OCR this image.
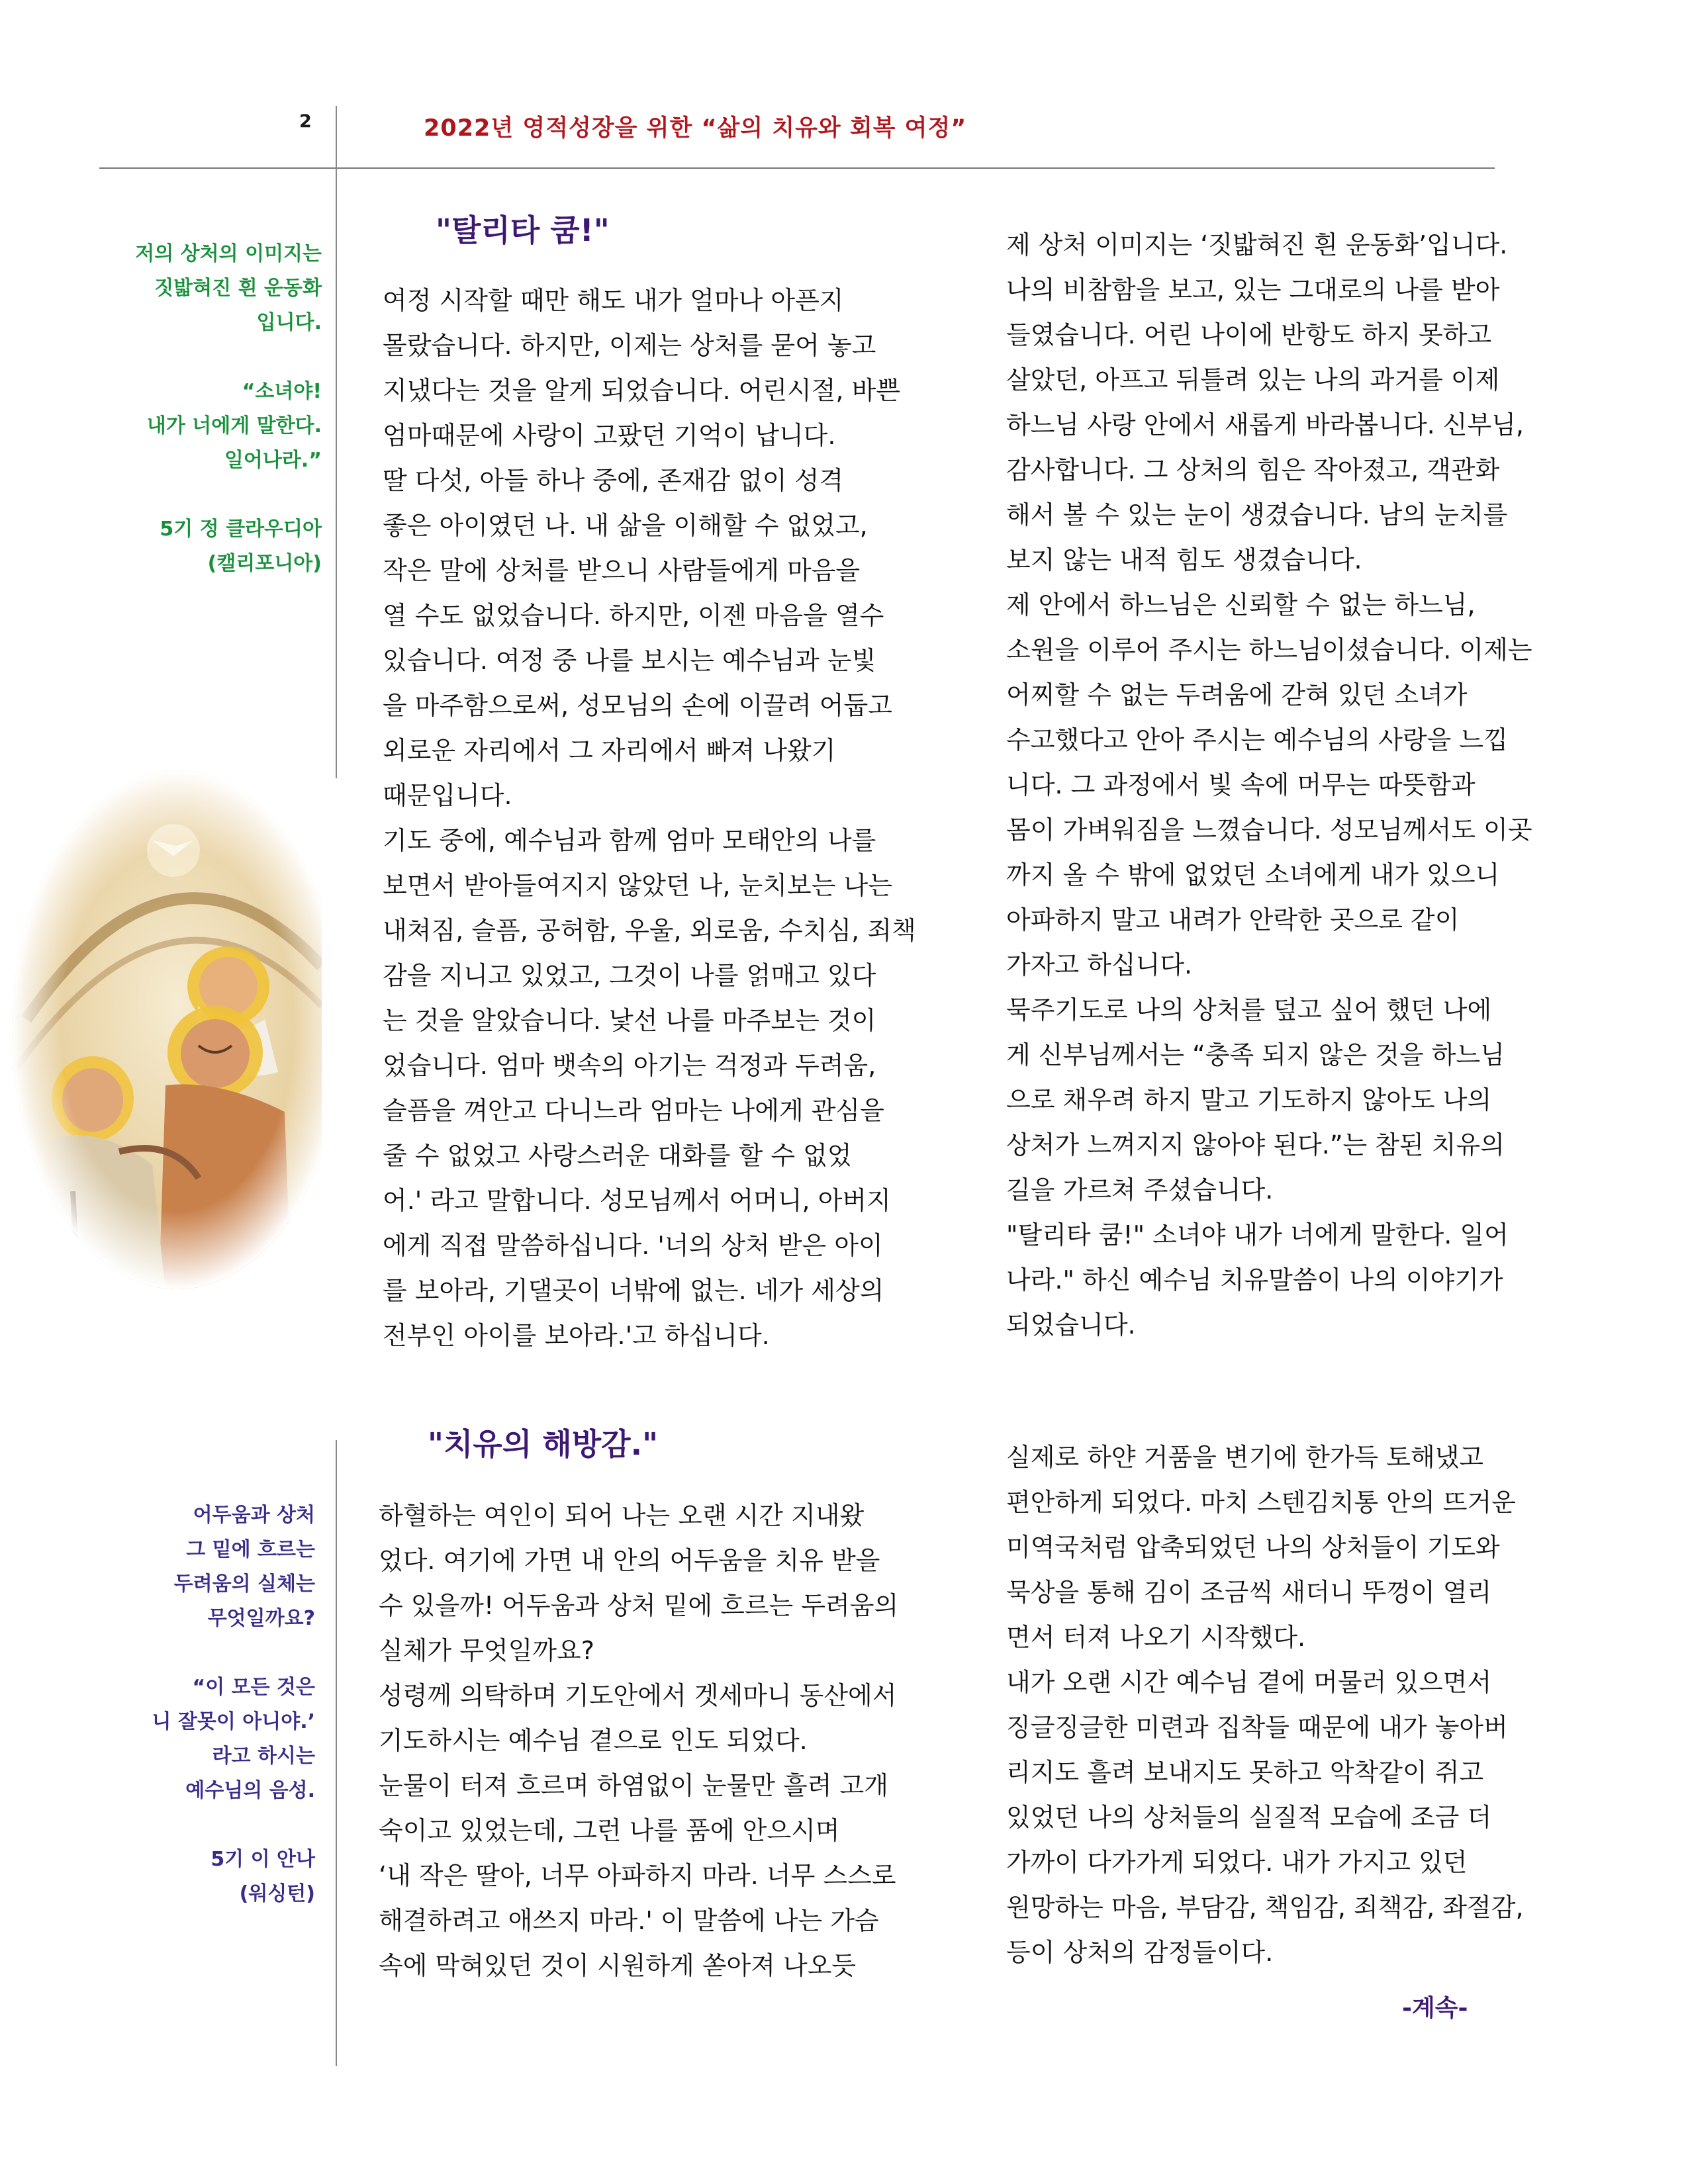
2	2022년 영적성장을 위한 “삶의 치유와 회복 여정”

저의 상처의 이미지는

짓밟혀진 흰 운동화

입니다.

“소녀야!

내가 너에게 말한다.

일어나라.”

5기 정 클라우디아

(캘리포니아)

"탈리타 쿰!"

여정 시작할 때만 해도 내가 얼마나 아픈지

몰랐습니다. 하지만, 이제는 상처를 묻어 놓고

지냈다는 것을 알게 되었습니다. 어린시절, 바쁜

엄마때문에 사랑이 고팠던 기억이 납니다.

딸 다섯, 아들 하나 중에, 존재감 없이 성격

좋은 아이였던 나. 내 삶을 이해할 수 없었고,

작은 말에 상처를 받으니 사람들에게 마음을

열 수도 없었습니다. 하지만, 이젠 마음을 열수

있습니다. 여정 중 나를 보시는 예수님과 눈빛

을 마주함으로써, 성모님의 손에 이끌려 어둡고

외로운 자리에서 그 자리에서 빠져 나왔기

때문입니다.

기도 중에, 예수님과 함께 엄마 모태안의 나를

보면서 받아들여지지 않았던 나, 눈치보는 나는

내쳐짐, 슬픔, 공허함, 우울, 외로움, 수치심, 죄책

감을 지니고 있었고, 그것이 나를 얽매고 있다

는 것을 알았습니다. 낯선 나를 마주보는 것이

었습니다. 엄마 뱃속의 아기는 걱정과 두려움,

슬픔을 껴안고 다니느라 엄마는 나에게 관심을

줄 수 없었고 사랑스러운 대화를 할 수 없었

어.' 라고 말합니다. 성모님께서 어머니, 아버지

에게 직접 말씀하십니다. '너의 상처 받은 아이

를 보아라, 기댈곳이 너밖에 없는. 네가 세상의

전부인 아이를 보아라.'고 하십니다.

제 상처 이미지는 ‘짓밟혀진 흰 운동화’입니다.

나의 비참함을 보고, 있는 그대로의 나를 받아

들였습니다. 어린 나이에 반항도 하지 못하고

살았던, 아프고 뒤틀려 있는 나의 과거를 이제

하느님 사랑 안에서 새롭게 바라봅니다. 신부님,

감사합니다. 그 상처의 힘은 작아졌고, 객관화

해서 볼 수 있는 눈이 생겼습니다. 남의 눈치를

보지 않는 내적 힘도 생겼습니다.

제 안에서 하느님은 신뢰할 수 없는 하느님,

소원을 이루어 주시는 하느님이셨습니다. 이제는

어찌할 수 없는 두려움에 갇혀 있던 소녀가

수고했다고 안아 주시는 예수님의 사랑을 느낍

니다. 그 과정에서 빛 속에 머무는 따뜻함과

몸이 가벼워짐을 느꼈습니다. 성모님께서도 이곳

까지 올 수 밖에 없었던 소녀에게 내가 있으니

아파하지 말고 내려가 안락한 곳으로 같이

가자고 하십니다.

묵주기도로 나의 상처를 덮고 싶어 했던 나에

게 신부님께서는 “충족 되지 않은 것을 하느님

으로 채우려 하지 말고 기도하지 않아도 나의

상처가 느껴지지 않아야 된다.”는 참된 치유의

길을 가르쳐 주셨습니다.

"탈리타 쿰!" 소녀야 내가 너에게 말한다. 일어

나라." 하신 예수님 치유말씀이 나의 이야기가

되었습니다.

어두움과 상처

그 밑에 흐르는

두려움의 실체는

무엇일까요?

“이 모든 것은

니 잘못이 아니야.’

라고 하시는

예수님의 음성.

5기 이 안나

(워싱턴)

"치유의 해방감."

하혈하는 여인이 되어 나는 오랜 시간 지내왔

었다. 여기에 가면 내 안의 어두움을 치유 받을

수 있을까! 어두움과 상처 밑에 흐르는 두려움의

실체가 무엇일까요?

성령께 의탁하며 기도안에서 겟세마니 동산에서

기도하시는 예수님 곁으로 인도 되었다.

눈물이 터져 흐르며 하염없이 눈물만 흘려 고개

숙이고 있었는데, 그런 나를 품에 안으시며

‘내 작은 딸아, 너무 아파하지 마라. 너무 스스로

해결하려고 애쓰지 마라.' 이 말씀에 나는 가슴

속에 막혀있던 것이 시원하게 쏟아져 나오듯

실제로 하얀 거품을 변기에 한가득 토해냈고

편안하게 되었다. 마치 스텐김치통 안의 뜨거운

미역국처럼 압축되었던 나의 상처들이 기도와

묵상을 통해 김이 조금씩 새더니 뚜껑이 열리

면서 터져 나오기 시작했다.

내가 오랜 시간 예수님 곁에 머물러 있으면서

징글징글한 미련과 집착들 때문에 내가 놓아버

리지도 흘려 보내지도 못하고 악착같이 쥐고

있었던 나의 상처들의 실질적 모습에 조금 더

가까이 다가가게 되었다. 내가 가지고 있던

원망하는 마음, 부담감, 책임감, 죄책감, 좌절감,

등이 상처의 감정들이다.

-계속-
